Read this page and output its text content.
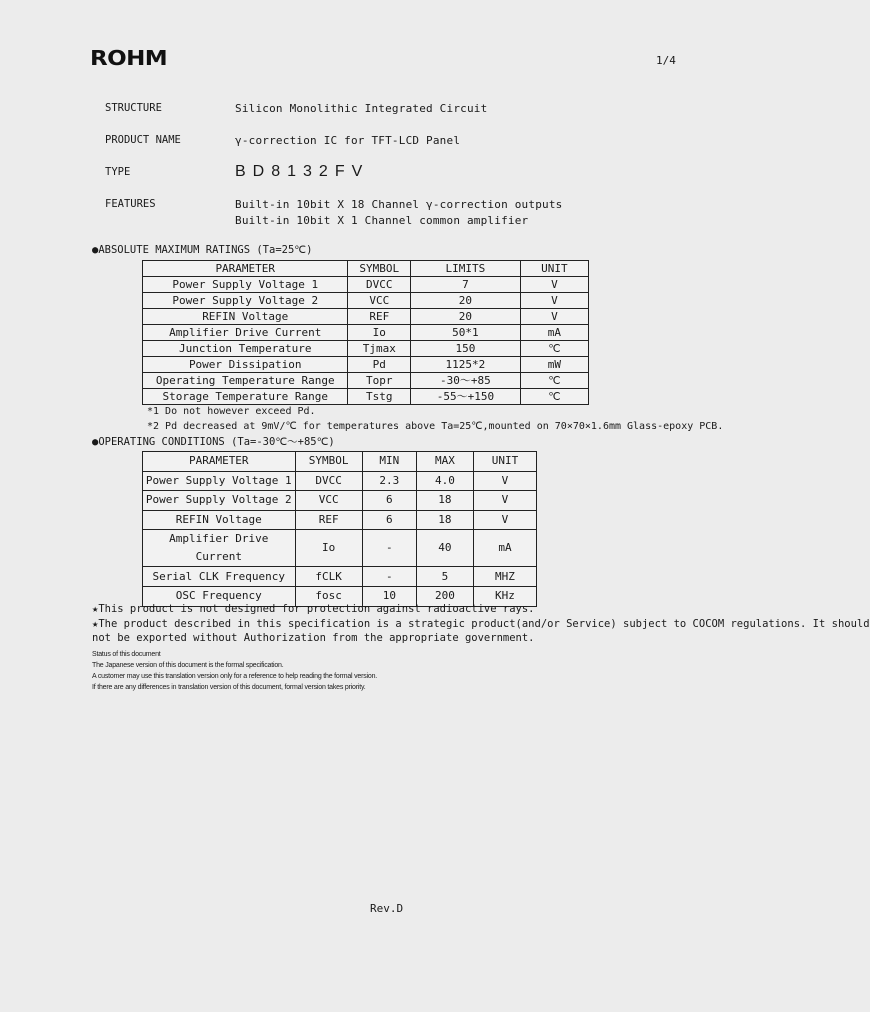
ROHM	1/4
STRUCTURE	Silicon Monolithic Integrated Circuit
PRODUCT NAME	γ-correction IC for TFT-LCD Panel
TYPE	BD8132FV
FEATURES	Built-in 10bit X 18 Channel γ-correction outputs
Built-in 10bit X 1 Channel common amplifier
●ABSOLUTE MAXIMUM RATINGS (Ta=25℃)
PARAMETER	SYMBOL	LIMITS	UNIT
Power Supply Voltage 1	DVCC	7	V
Power Supply Voltage 2	VCC	20	V
REFIN Voltage	REF	20	V
Amplifier Drive Current	Io	50*1	mA
Junction Temperature	Tjmax	150	℃
Power Dissipation	Pd	1125*2	mW
Operating Temperature Range	Topr	-30～+85	℃
Storage Temperature Range	Tstg	-55～+150	℃
*1 Do not however exceed Pd.
*2 Pd decreased at 9mV/℃ for temperatures above Ta=25℃,mounted on 70×70×1.6mm Glass-epoxy PCB.
●OPERATING CONDITIONS (Ta=-30℃～+85℃)
PARAMETER	SYMBOL	MIN	MAX	UNIT
Power Supply Voltage 1	DVCC	2.3	4.0	V
Power Supply Voltage 2	VCC	6	18	V
REFIN Voltage	REF	6	18	V
Amplifier Drive Current	Io	-	40	mA
Serial CLK Frequency	fCLK	-	5	MHZ
OSC Frequency	fosc	10	200	KHz
★This product is not designed for protection against radioactive rays.
★The product described in this specification is a strategic product(and/or Service) subject to COCOM regulations. It should
not be exported without Authorization from the appropriate government.
Status of this document
The Japanese version of this document is the formal specification.
A customer may use this translation version only for a reference to help reading the formal version.
If there are any differences in translation version of this document, formal version takes priority.
Rev.D
